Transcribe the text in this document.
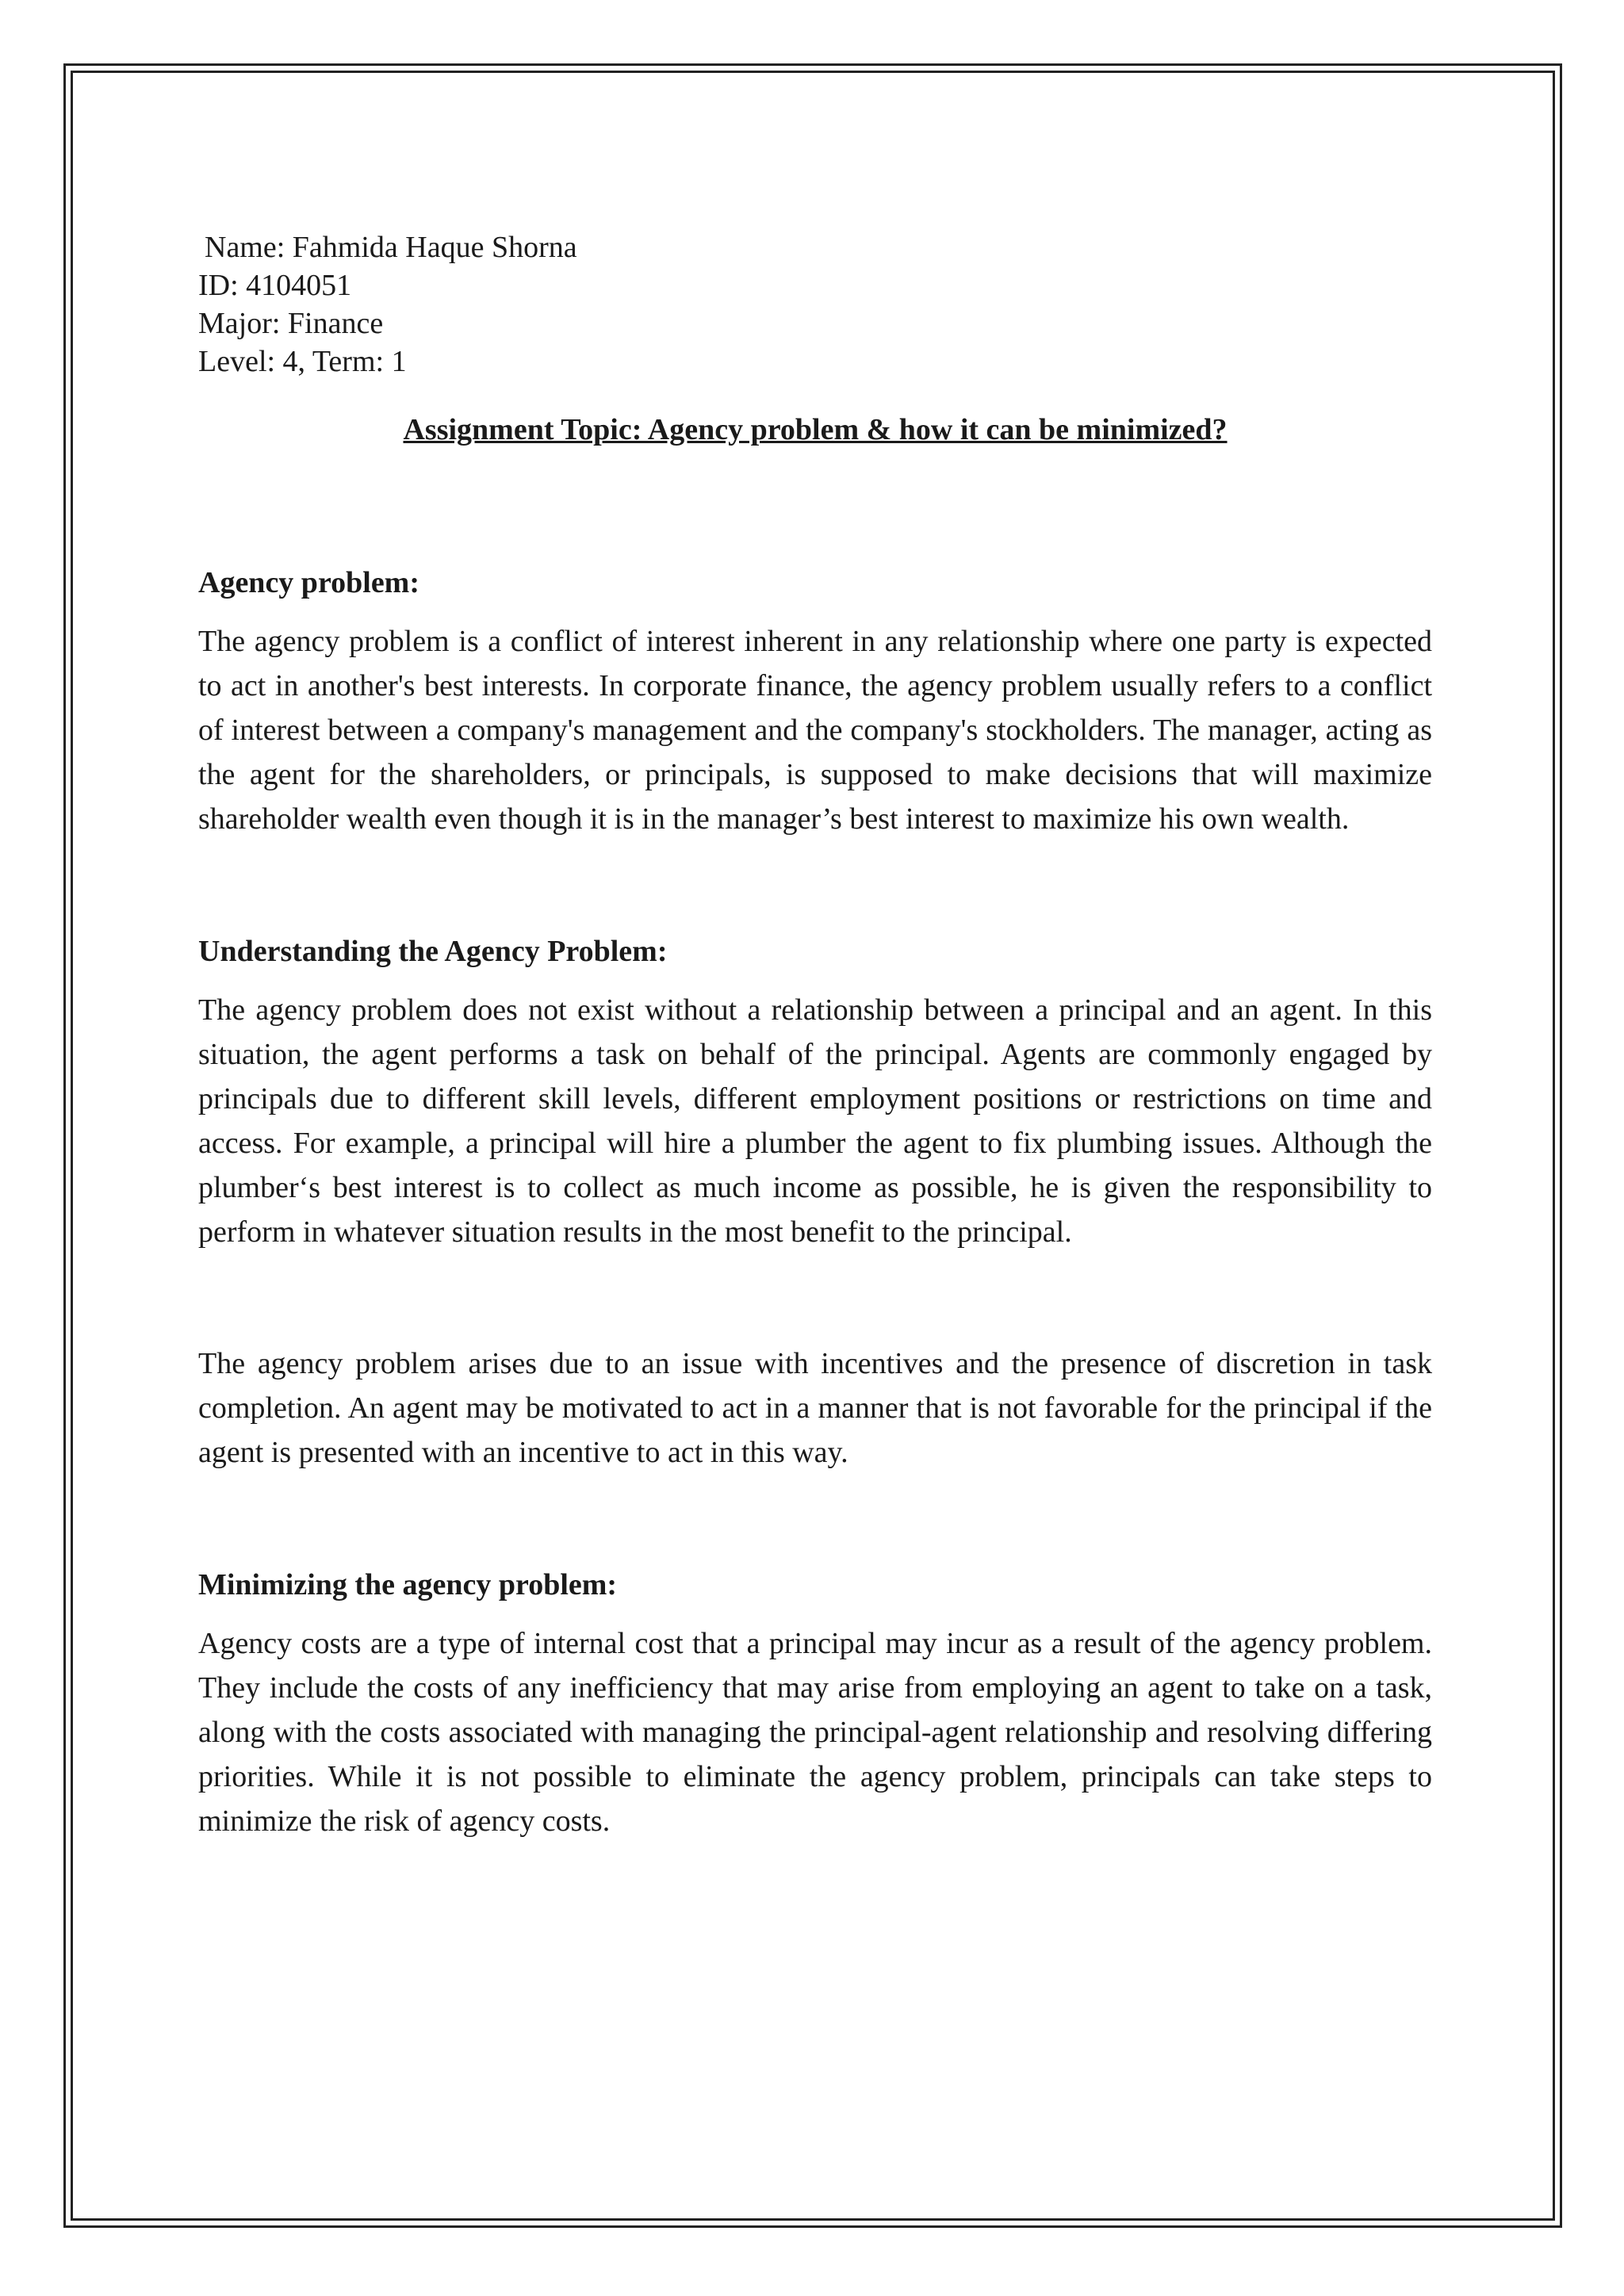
Name: Fahmida Haque Shorna

ID: 4104051

Major: Finance

Level: 4, Term: 1

Assignment Topic: Agency problem & how it can be minimized?

Agency problem:

The agency problem is a conflict of interest inherent in any relationship where one party is expected to act in another's best interests. In corporate finance, the agency problem usually refers to a conflict of interest between a company's management and the company's stockholders. The manager, acting as the agent for the shareholders, or principals, is supposed to make decisions that will maximize shareholder wealth even though it is in the manager’s best interest to maximize his own wealth.

Understanding the Agency Problem:

The agency problem does not exist without a relationship between a principal and an agent. In this situation, the agent performs a task on behalf of the principal. Agents are commonly engaged by principals due to different skill levels, different employment positions or restrictions on time and access. For example, a principal will hire a plumber the agent to fix plumbing issues. Although the plumber‘s best interest is to collect as much income as possible, he is given the responsibility to perform in whatever situation results in the most benefit to the principal.

The agency problem arises due to an issue with incentives and the presence of discretion in task completion. An agent may be motivated to act in a manner that is not favorable for the principal if the agent is presented with an incentive to act in this way.

Minimizing the agency problem:

Agency costs are a type of internal cost that a principal may incur as a result of the agency problem. They include the costs of any inefficiency that may arise from employing an agent to take on a task, along with the costs associated with managing the principal-agent relationship and resolving differing priorities. While it is not possible to eliminate the agency problem, principals can take steps to minimize the risk of agency costs.
